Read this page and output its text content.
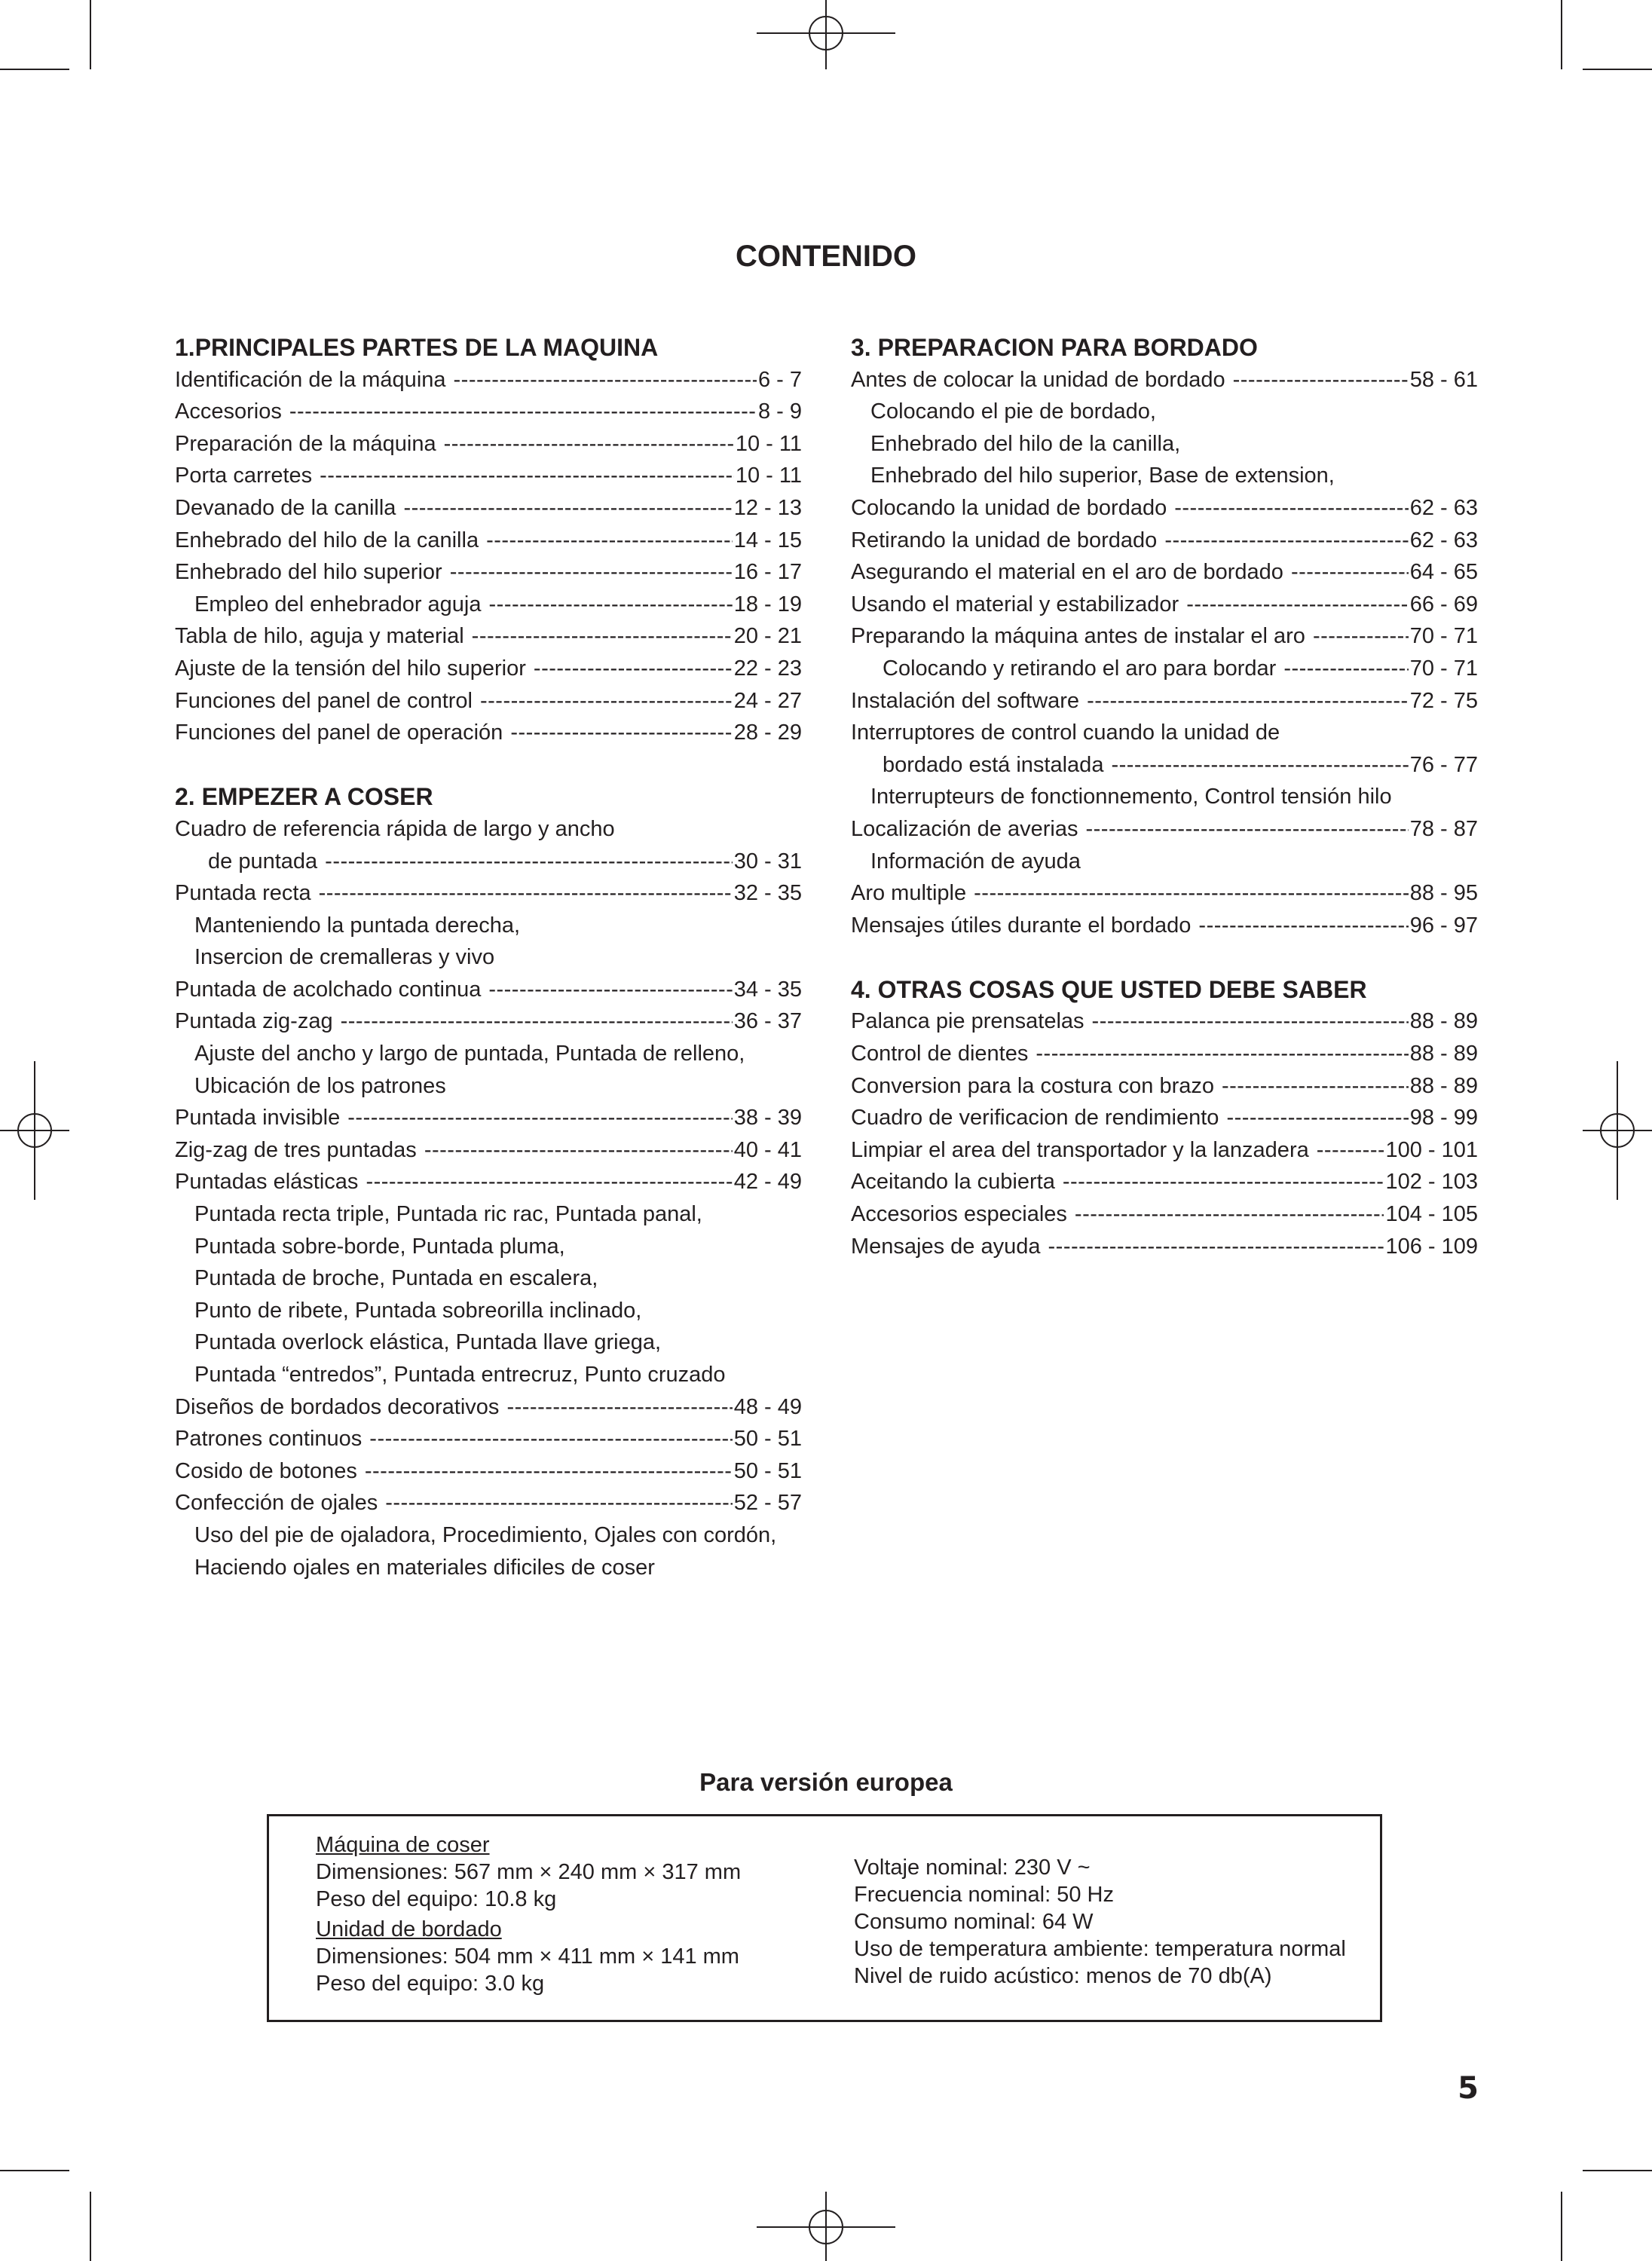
CONTENIDO
1.PRINCIPALES PARTES DE LA MAQUINA
Identificación de la máquina -----	6 - 7
Accesorios -----	8 - 9
Preparación de la máquina -----	10 - 11
Porta carretes -----	10 - 11
Devanado de la canilla -----	12 - 13
Enhebrado del hilo de la canilla -----	14 - 15
Enhebrado del hilo superior -----	16 - 17
Empleo del enhebrador aguja -----	18 - 19
Tabla de hilo, aguja y material -----	20 - 21
Ajuste de la tensión del hilo superior -----	22 - 23
Funciones del panel de control -----	24 - 27
Funciones del panel de operación -----	28 - 29
2. EMPEZER A COSER
Cuadro de referencia rápida de largo y ancho
de puntada -----	30 - 31
Puntada recta -----	32 - 35
Manteniendo la puntada derecha,
Insercion de cremalleras y vivo
Puntada de acolchado continua -----	34 - 35
Puntada zig-zag -----	36 - 37
Ajuste del ancho y largo de puntada, Puntada de relleno,
Ubicación de los patrones
Puntada invisible -----	38 - 39
Zig-zag de tres puntadas -----	40 - 41
Puntadas elásticas -----	42 - 49
Puntada recta triple, Puntada ric rac, Puntada panal,
Puntada sobre-borde, Puntada pluma,
Puntada de broche, Puntada en escalera,
Punto de ribete, Puntada sobreorilla inclinado,
Puntada overlock elástica, Puntada llave griega,
Puntada “entredos”, Puntada entrecruz, Punto cruzado
Diseños de bordados decorativos -----	48 - 49
Patrones continuos -----	50 - 51
Cosido de botones -----	50 - 51
Confección de ojales -----	52 - 57
Uso del pie de ojaladora, Procedimiento, Ojales con cordón,
Haciendo ojales en materiales dificiles de coser
3. PREPARACION PARA BORDADO
Antes de colocar la unidad de bordado -----	58 - 61
Colocando el pie de bordado,
Enhebrado del hilo de la canilla,
Enhebrado del hilo superior, Base de extension,
Colocando la unidad de bordado -----	62 - 63
Retirando la unidad de bordado -----	62 - 63
Asegurando el material en el aro de bordado -----	64 - 65
Usando el material y estabilizador -----	66 - 69
Preparando la máquina antes de instalar el aro -----	70 - 71
Colocando y retirando el aro para bordar -----	70 - 71
Instalación del software -----	72 - 75
Interruptores de control cuando la unidad de
bordado está instalada -----	76 - 77
Interrupteurs de fonctionnemento, Control tensión hilo
Localización de averias -----	78 - 87
Información de ayuda
Aro multiple -----	88 - 95
Mensajes útiles durante el bordado -----	96 - 97
4. OTRAS COSAS QUE USTED DEBE SABER
Palanca pie prensatelas -----	88 - 89
Control de dientes -----	88 - 89
Conversion para la costura con brazo -----	88 - 89
Cuadro de verificacion de rendimiento -----	98 - 99
Limpiar el area del transportador y la lanzadera -----	100 - 101
Aceitando la cubierta -----	102 - 103
Accesorios especiales -----	104 - 105
Mensajes de ayuda -----	106 - 109
Para versión europea
Máquina de coser
Dimensiones: 567 mm × 240 mm × 317 mm
Peso del equipo: 10.8 kg
Unidad de bordado
Dimensiones: 504 mm × 411 mm × 141 mm
Peso del equipo: 3.0 kg
Voltaje nominal: 230 V ~
Frecuencia nominal: 50 Hz
Consumo nominal: 64 W
Uso de temperatura ambiente: temperatura normal
Nivel de ruido acústico: menos de 70 db(A)
5
